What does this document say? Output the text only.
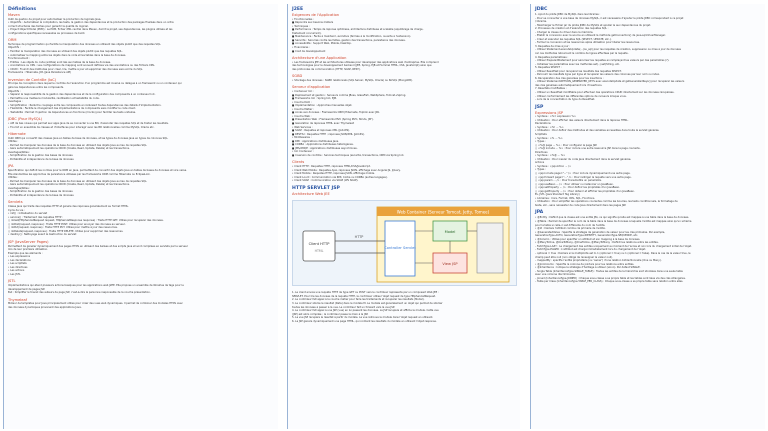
Définitions
Maven
Outil de gestion de projet pour automatiser la production de logiciels Java.
• Objectifs : Automatiser la compilation, les tests, la gestion des dépendances et la production des packages finalisés dans un ordre
correct structurés des tâches pour garantir la qualité du logiciel.
• Project Object Model (POM) : Le POM, fichier XML central dans Maven, décrit le projet, ses dépendances, les plugins utilisés et les
configurations spécifiques nécessaires au processus de build.
ORM
Technique de programmation qui facilite la manipulation des données en utilisant des objets plutôt que des requêtes SQL.
Objectifs :
• Faciliter la manipulation des données en utilisant des objets plutôt que des requêtes SQL.
• Automatiser le mapping entre les objets dans le code et les tables dans la base de données.
Fonctionnement :
• Entités : Les objets du code (entités) sont liés aux tables de la base de données.
• Annotations ou XML : Les configurations de mapping sont souvent définies via des annotations ou des fichiers XML.
• CRUD : Fournit des méthodes pour créer, lire, mettre à jour et supprimer des données sans écrire du SQL.
Frameworks : Hibernate, JPA (Java Persistence API)
Inversion de Contrôle (IoC)
Principe de conception dans lequel le contrôle de l'exécution d'un programme est inversé ou délégué à un framework ou un conteneur qui
gère les dépendances entre les composants.
Objectifs :
• Séparer la responsabilité de la gestion des dépendances et de la configuration des composants à un conteneur IoC.
• Permettre une meilleure modularité, réutilisation et testabilité du code.
Avantages :
• Simplification : Réduit le couplage entre les composants en réduisant toutes dépendances des détails d'implémentation.
• Flexibilité : Facilite le changement des implémentations de composants sans modifier le code client.
• Testabilité : Permet l'injection de dépendances en fonctions (mocks) pour faciliter les tests unitaires.
JDBC (Pour MySQL)
• API de bas niveau qui permet aux apps Java de se connecter à une BD, d'exécuter des requêtes SQL et de traiter les résultats.
• Fournit un ensemble de classes et d'interfaces pour interagir avec les BD relationnelles comme MySQL, Oracle etc.
Hibernate
Outil ORM qui convertit des classes Java en tables de base de données, et les types de données Java en types de colonnes SQL.
Utilités :
– Permet de manipuler les données de la base de données en utilisant des objets Java au lieu de requêtes SQL.
– Gère automatiquement les opérations CRUD (Create, Read, Update, Delete) et les transactions.
Avantages/Rôles :
– Simplification de la gestion des bases de données
– Portabilité et indépendance de la base de données
JPA
Spécification qui définit les normes pour le ORM en Java, permettant de convertir des objets Java en tables de bases de données et vice versa.
Elle standardise les approches de persistance utilisées par les frameworks ORM comme Hibernate ou EclipseLink.
Utilités :
– Permet de manipuler les données de la base de données en utilisant des objets Java au lieu de requêtes SQL.
– Gère automatiquement les opérations CRUD (Create, Read, Update, Delete) et les transactions.
Avantages/Rôles :
– Simplification de la gestion des bases de données
– Portabilité et indépendance de la base de données
Servlets
Classe Java qui traite des requêtes HTTP et génère des réponses généralement au format HTML.
Cycle de vie :
• init() : Initialisation du servlet
• service() : Traitement des requêtes HTTP :
○ doGet(HttpServletRequest request, HttpServletResponse response) : Traite HTTP GET. Utilisé pour récupérer des données.
○ doPost(request, response) : Traite HTTP POST. Utilisé pour envoyer des données au serveur.
○ doPut(request, response) : Traite HTTP PUT. Utilisé pour mettre à jour des ressources.
○ doDelete(request, response) : Traite HTTP DELETE. Utilisé pour supprimer des ressources.
• destroy() : Nettoyage avant la destruction du servlet
JSP (JavaServer Pages)
Permettent de générer dynamiquement des pages HTML en utilisant des balises et des scripts Java et sont compilées en servlets par le serveur
lors de leur première utilisation.
Exemple que les éléments :
• Les expressions
• Les déclarations
• Les scriptlets
• Les directives
• Les actions
• Les JSTL
JSTL
Implémentations qui étend plusieurs actions basiques pour les applications web J2EE. Elle propose un ensemble de librairies de tags pour le
développement de pages JSP.
But : Simplifier le travail des auteurs de page JSP, c'est-à-dire la personne responsable de la couche présentation.
Thymeleaf
Moteur de templates pour Java principalement utilisé pour créer des vues web dynamiques. Il permet de combiner des modèles HTML avec
des données dynamiques provenant des applications Java.
J2EE
Exigences de l'Application
• Fonctionnelles :
■ Répondre aux besoins métiers
• Techniques :
■ Performance : Temps de réponse optimisés, architecture distribuée et scalable (équilibrage de charge,
traitement concurrent).
■ Maintenance : Facile à maintenir, évolutive (fermée à la modification, ouverte à l'extension).
■ Sécurité : Sécurisé contre les failles, gestion des transactions, persistance des données.
■ Accessibilité : Support Web, Mobile, Desktop.
• Financières :
■ Coût de développement
Architecture d'une Application
• Les frameworks JEE et les architectures utilisées pour développer des applications web d'entreprise. Elle comprend
des technologies pour le développement backend (JEE, Spring, EJB et Hummel HTML, CSS, JavaScript) ainsi que
des protocoles de communication (HTTP, SOAP, REST).
SGBD
• Stockage des données : SGBD relationnels (SQL Server, MySQL, Oracle) ou NoSQL (MongoDB).
Serveur d'application
• Conteneur IoC :
■ Déploiement et gestion : Serveurs comme JBoss, GlassFish, WebSphere, Tomcat+Spring.
■ Frameworks IoC : Spring IoC, EJB.
• Couche DAO :
■ Implémentation : Approches manuelles objet.
• Couche Métier :
■ Accès aux données : Frameworks ORM (Hibernate, Toplink avec JPA.
• Couche Web :
■ Présentation Web : Frameworks MVC (Spring MVC, Struts, JSF).
■ Génération de réponses HTML avec Thymeleaf.
• Web Services :
■ SOAP : Requêtes et réponses XML (JAX-WS).
■ RESTful : Requêtes HTTP ; réponses JSON/XML (JAX-RS).
• Middlewares :
■ RMI : Applications distribuées Java.
■ CORBA : Applications distribuées hétérogènes.
■ JMS/AMQP : Applications distribuées asynchrones.
• IoC Conteneur :
■ Inversion de contrôle : Services techniques (sécurité, transactions, ORM via Spring IoC.
Clients
• Client HTTP : Requêtes HTTP, réponses HTML/CSS/JavaScript.
• Client Web Mobile : Requêtes Ajax, réponses JSON, affichage avec Angular.JS, jQuery.
• Client Mobile : Requêtes HTTP, réponses JSON, affichage mobile.
• Client Lourd : Communication via RMI, Corba ou CORBA (autres langages).
• Client SOAP : Communication via SOAP (WS SOAP).
HTTP SERVLET JSP
Architecture Web JEE
Web Container (Serveur Tomcat, Jetty, Tomee)
Controller Servlet
Model
View JSP
Client HTTP
HTML
HTTP
1. Le client envoie une requête HTTP de type GET ou POST vers le contrôleur représenté par un composant Web JEE :
SERVLET. Pour lire les données de la requête HTTP, le contrôleur utilise l'objet request de type HttpServletRequest.
2. Le contrôleur fait appel à la couche métier pour faire les traitements et récupérer les résultats (Model).
3. Le contrôleur stocke le résultat (Data) dans le modèle M. Le modèle est généralement un objet qui permet de stocker
toutes les données à passer à la vue. Le contrôleur fait un forward vers la vue JSP.
4. Le contrôleur fait appel à une JSP (vue) en lui passant les données. La JSP récupère et affiche le modèle. Cette vue
(JSP) est alors compilée ; le contrôleur passe la main à la JSP.
5. La vue JSP récupère le résultat à partir du modèle. La vue retrouve le modèle dans l'objet request en utilisant.
6. La JSP génère dynamiquement une page HTML, qui contient les résultats du modèle en utilisant l'objet response.
JDBC
1. Ajout du pilote JDBC de MySQL dans les libraries :
– Pour se connecter à une base de données MySQL, il est nécessaire d'ajouter le pilote JDBC correspondant à ce projet
/ librairie.
– Télécharger le fichier jar du pilote JDBC de MySQL et ajouter le aux dépendances du projet.
2. Processus de création et d'exécution des requêtes SQL :
– Charger le classe du driver dans la mémoire.
– Établir la connexion avec la source en utilisant la méthode getConnection() de java.sql.DriverManager.
– Créer et exécuter les requêtes SQL (SELECT, UPDATE, etc.).
– Fermer la connexion et les ressources après utilisation pour libérer les ressources.
3. Requêtes de mise à jour :
– Utiliser Statement.executeUpdate(...)ou_sql) pour les requêtes de création, suppression ou mise à jour de données
car ces méthodes retournent le nombre de lignes affectées par la requête.
4. Requêtes paramétrées :
– Utiliser PreparedStatement pour sécuriser les requêtes en remplaçant les valeurs par des paramètres (?).
– Initialiser les paramètres avec les méthodes set(..) set(String, etc.
5. Requêtes SELECT :
– Utiliser ResultSet pour récupérer les résultats des requêtes SELECT.
– Parcourir les résultats ligne par ligne et récupérer les valeurs des colonnes par leur nom ou index.
6. Récupération des clés générées pour les insertions :
– Utiliser Statement.RETURN_GENERATED_KEYS avec executeUpdate et getGeneratedKeys() pour récupérer les valeurs
des clés générées automatiquement lors d'insertions.
7. Résultats modifiables :
– Utiliser un ResultSet modifiable pour effectuer des opérations CRUD directement sur les données récupérées.
– Utiliser conformément les différentes options de curseurs lorsque vous.
– Lors de la concentration du type du ResultSet.
JSP
Expressions JSP
• Syntaxe : <%= expression %>
• Utilisation : Pour afficher des valeurs directement dans la réponse HTML.
Déclarations
• Syntaxe : <%! ... %>
• Utilisation : Pour définir des méthodes et des variables accessibles dans toute la servlet générée.
Scriptlets
• Syntaxe : <% ... %>
• Types :
○ <%@ page ... %> : Pour configurer la page JSP.
○ <%@ include ... %> : Pour inclure une autre ressource JSP dans la page courante.
Directives
• Syntaxe : <%@ ... %>
• Utilisation : Pour insérer du code Java directement dans la servlet générée.
Actions
• Syntaxe : <jsp:Action ... />
• Types :
○ <jsp:include page="..." /> : Pour inclure dynamiquement une autre page.
○ <jsp:forward page="..." /> : Pour rediriger la requête vers une autre page.
○ <jsp:param ... /> : Pour transmettre un paramètre.
○ <jsp:useBean ... /> : Pour utiliser ou instancier un JavaBean.
○ <jsp:setProperty ... /> : Pour définir les propriétés d'un JavaBean.
○ <jsp:getProperty ... /> : Pour obtenir et afficher les propriétés d'un JavaBean.
EL, JSTL (Java Standard Tag Library)
• Librairies : Core, Format, XML, SQL, Fonctions.
• Utilisation : Pour simplifier les opérations courantes comme les boucles, les tests conditionnels, le formatage de
texte, etc., sans nécessiter de code Java directement dans les pages JSP.
JPA
• @Entity : Définit que la classe est une entité JPA, ce qui signifie qu'elle est mappée à une table dans la base de données.
• @Table : Permet de spécifier le nom de la table dans la base de données à laquelle l'entité est mappée ainsi qu'un schéma
pour la table si celle-ci est différente du nom de l'entité.
• @Id : Déclare l'attribut comme clé primaire de l'entité.
• @GeneratedValue : Spécifie la stratégie de génération de valeur pour les clés primaires. Par exemple,
GenerationType.AUTO, GenerationType.IDENTITY, GenerationType.SEQUENCE, etc.
• @Column : Utilisé pour spécifier un attribut et son mapping à la base de données.
• @ManyToOne, @OneToMany, @OneToOne, @ManyToMany : Définit les relations entre les entités.
– FetchType.LAZY : Le chargement des entités uniquement au moment de l'accès et non lors du chargement initial de l'objet.
– FetchType.EAGER : L'attribut est chargé immédiatement lors du chargement de l'objet.
– optional = true : Déclare si la multiplicité est 0..1 (optional = true) ou 1 (optional = false). Dans le cas de la valeur true, le
champ peut être null (non obligé de renseigner la valeur null).
– mappedBy : spécifie l'entité propriétaire (ou 'owner') d'une relation bidirectionnelle (One ou Many).
• @JoinColumn : Spécifie la colonne de jointure pour les relations entre entités.
• @Inheritance : Indique la stratégie d'héritage à utiliser (sinon). Par défaut SINGLE.
– Single Table (InheritanceType.SINGLE_TABLE) : Toutes les entités de la hiérarchie sont stockées dans une seule table
avec une colonne discriminante.
– Joined (InheritanceType.JOINED) : Chaque sous-classe a sa propre table et les tables sont liées via des clés étrangères.
– Table per Class (InheritanceType.TABLE_PER_CLASS) : Chaque sous-classe a sa propre table sans relation entre elles.
